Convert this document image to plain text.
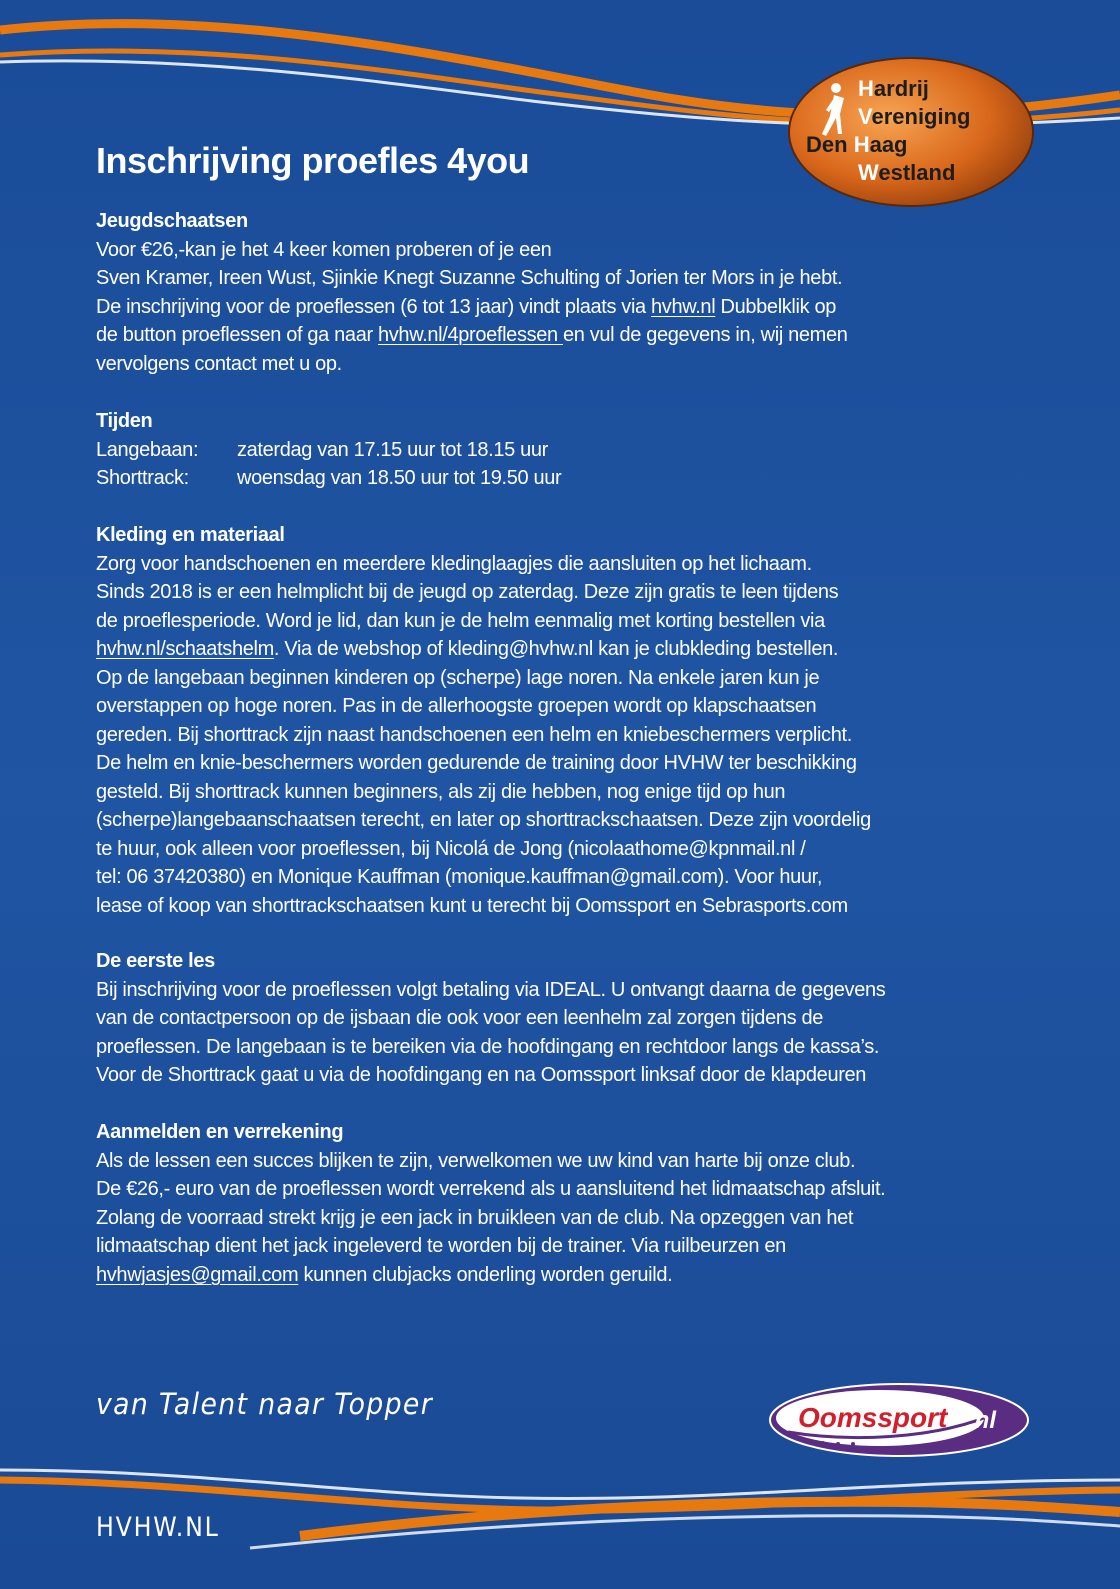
Hardrij Vereniging Den Haag Westland
Inschrijving proefles 4you
Jeugdschaatsen

Voor €26,-kan je het 4 keer komen proberen of je een
Sven Kramer, Ireen Wust, Sjinkie Knegt Suzanne Schulting of Jorien ter Mors in je hebt.
De inschrijving voor de proeflessen (6 tot 13 jaar) vindt plaats via hvhw.nl Dubbelklik op
de button proeflessen of ga naar hvhw.nl/4proeflessen en vul de gegevens in, wij nemen
vervolgens contact met u op.

Tijden
Langebaan:	zaterdag van 17.15 uur tot 18.15 uur
Shorttrack:	woensdag van 18.50 uur tot 19.50 uur
Kleding en materiaal

Zorg voor handschoenen en meerdere kledinglaagjes die aansluiten op het lichaam.
Sinds 2018 is er een helmplicht bij de jeugd op zaterdag. Deze zijn gratis te leen tijdens
de proeflesperiode. Word je lid, dan kun je de helm eenmalig met korting bestellen via
hvhw.nl/schaatshelm. Via de webshop of kleding@hvhw.nl kan je clubkleding bestellen.
Op de langebaan beginnen kinderen op (scherpe) lage noren. Na enkele jaren kun je
overstappen op hoge noren. Pas in de allerhoogste groepen wordt op klapschaatsen
gereden. Bij shorttrack zijn naast handschoenen een helm en kniebeschermers verplicht.
De helm en knie-beschermers worden gedurende de training door HVHW ter beschikking
gesteld. Bij shorttrack kunnen beginners, als zij die hebben, nog enige tijd op hun
(scherpe)langebaanschaatsen terecht, en later op shorttrackschaatsen. Deze zijn voordelig
te huur, ook alleen voor proeflessen, bij Nicolá de Jong (nicolaathome@kpnmail.nl /
tel: 06 37420380) en Monique Kauffman (monique.kauffman@gmail.com). Voor huur,
lease of koop van shorttrackschaatsen kunt u terecht bij Oomssport en Sebrasports.com

De eerste les

Bij inschrijving voor de proeflessen volgt betaling via IDEAL. U ontvangt daarna de gegevens
van de contactpersoon op de ijsbaan die ook voor een leenhelm zal zorgen tijdens de
proeflessen. De langebaan is te bereiken via de hoofdingang en rechtdoor langs de kassa’s.
Voor de Shorttrack gaat u via de hoofdingang en na Oomssport linksaf door de klapdeuren

Aanmelden en verrekening

Als de lessen een succes blijken te zijn, verwelkomen we uw kind van harte bij onze club.
De €26,- euro van de proeflessen wordt verrekend als u aansluitend het lidmaatschap afsluit.
Zolang de voorraad strekt krijg je een jack in bruikleen van de club. Na opzeggen van het
lidmaatschap dient het jack ingeleverd te worden bij de trainer. Via ruilbeurzen en
hvhwjasjes@gmail.com kunnen clubjacks onderling worden geruild.

van Talent naar Topper	Oomssport .nl
HVHW.NL
